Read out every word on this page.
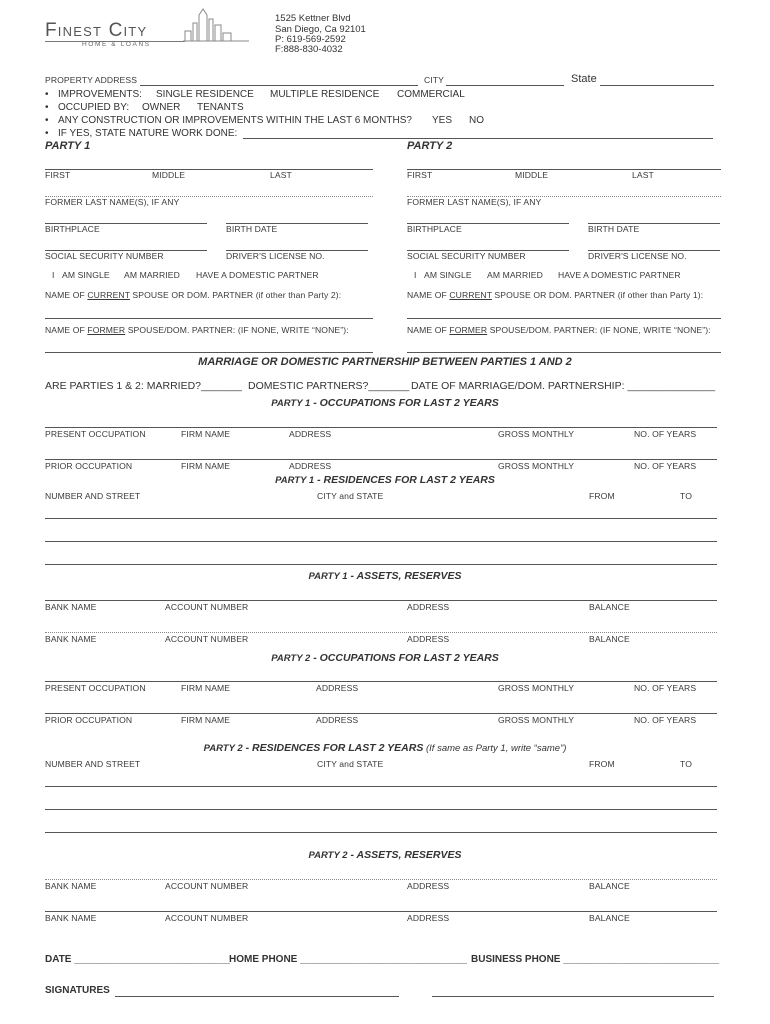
Finest City
HOME & LOANS
1525 Kettner Blvd
San Diego, Ca 92101
P: 619-569-2592
F:888-830-4032
PROPERTY ADDRESS	CITY	State
• IMPROVEMENTS: SINGLE RESIDENCE MULTIPLE RESIDENCE COMMERCIAL
• OCCUPIED BY: OWNER TENANTS
• ANY CONSTRUCTION OR IMPROVEMENTS WITHIN THE LAST 6 MONTHS? YES NO
• IF YES, STATE NATURE WORK DONE:
PARTY 1	PARTY 2
FIRST	MIDDLE	LAST
FORMER LAST NAME(S), IF ANY
BIRTHPLACE	BIRTH DATE
SOCIAL SECURITY NUMBER	DRIVER'S LICENSE NO.
I AM SINGLE AM MARRIED HAVE A DOMESTIC PARTNER
NAME OF CURRENT SPOUSE OR DOM. PARTNER (if other than Party 2):
NAME OF FORMER SPOUSE/DOM. PARTNER: (IF NONE, WRITE “NONE”):
FIRST	MIDDLE	LAST
FORMER LAST NAME(S), IF ANY
BIRTHPLACE	BIRTH DATE
SOCIAL SECURITY NUMBER	DRIVER'S LICENSE NO.
I AM SINGLE AM MARRIED HAVE A DOMESTIC PARTNER
NAME OF CURRENT SPOUSE OR DOM. PARTNER (if other than Party 1):
NAME OF FORMER SPOUSE/DOM. PARTNER: (IF NONE, WRITE “NONE”):
MARRIAGE OR DOMESTIC PARTNERSHIP BETWEEN PARTIES 1 AND 2
ARE PARTIES 1 & 2: MARRIED?_______ DOMESTIC PARTNERS?_______ DATE OF MARRIAGE/DOM. PARTNERSHIP: _______________
PARTY 1 - OCCUPATIONS FOR LAST 2 YEARS
PRESENT OCCUPATION	FIRM NAME	ADDRESS	GROSS MONTHLY	NO. OF YEARS
PRIOR OCCUPATION	FIRM NAME	ADDRESS	GROSS MONTHLY	NO. OF YEARS
PARTY 1 - RESIDENCES FOR LAST 2 YEARS
NUMBER AND STREET	CITY and STATE	FROM	TO
PARTY 1 - ASSETS, RESERVES
BANK NAME	ACCOUNT NUMBER	ADDRESS	BALANCE
BANK NAME	ACCOUNT NUMBER	ADDRESS	BALANCE
PARTY 2 - OCCUPATIONS FOR LAST 2 YEARS
PRESENT OCCUPATION	FIRM NAME	ADDRESS	GROSS MONTHLY	NO. OF YEARS
PRIOR OCCUPATION	FIRM NAME	ADDRESS	GROSS MONTHLY	NO. OF YEARS
PARTY 2 - RESIDENCES FOR LAST 2 YEARS (If same as Party 1, write “same”)
NUMBER AND STREET	CITY and STATE	FROM	TO
PARTY 2 - ASSETS, RESERVES
BANK NAME	ACCOUNT NUMBER	ADDRESS	BALANCE
BANK NAME	ACCOUNT NUMBER	ADDRESS	BALANCE
DATE ____________________________ HOME PHONE ______________________________ BUSINESS PHONE ____________________________
SIGNATURES
